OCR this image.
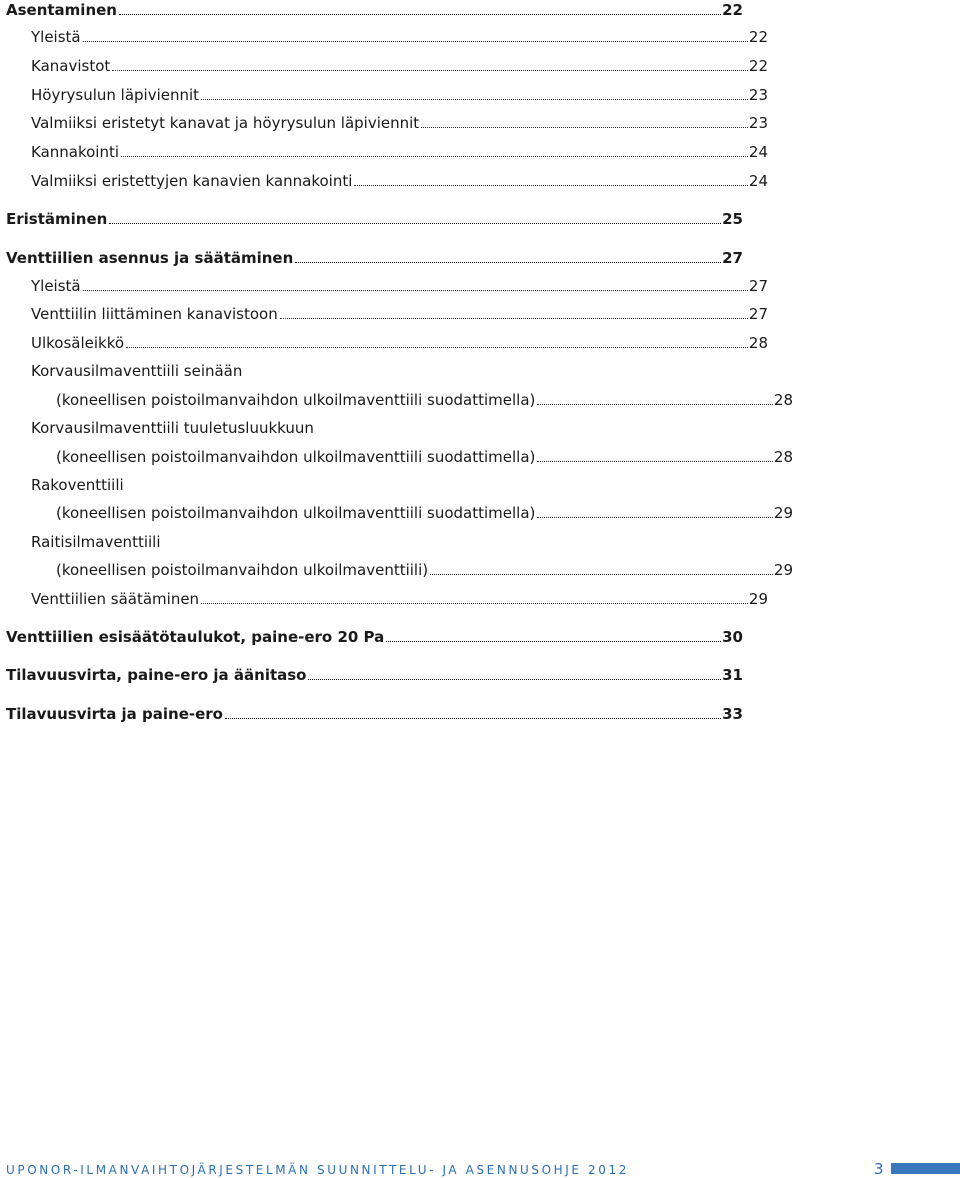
Asentaminen	22
Yleistä	22
Kanavistot	22
Höyrysulun läpiviennit	23
Valmiiksi eristetyt kanavat ja höyrysulun läpiviennit	23
Kannakointi	24
Valmiiksi eristettyjen kanavien kannakointi	24
Eristäminen	25
Venttiilien asennus ja säätäminen	27
Yleistä	27
Venttiilin liittäminen kanavistoon	27
Ulkosäleikkö	28
Korvausilmaventtiili seinään
(koneellisen poistoilmanvaihdon ulkoilmaventtiili suodattimella)	28
Korvausilmaventtiili tuuletusluukkuun
(koneellisen poistoilmanvaihdon ulkoilmaventtiili suodattimella)	28
Rakoventtiili
(koneellisen poistoilmanvaihdon ulkoilmaventtiili suodattimella)	29
Raitisilmaventtiili
(koneellisen poistoilmanvaihdon ulkoilmaventtiili)	29
Venttiilien säätäminen	29
Venttiilien esisäätötaulukot, paine-ero 20 Pa	30
Tilavuusvirta, paine-ero ja äänitaso	31
Tilavuusvirta ja paine-ero	33
UPONOR-ILMANVAIHTOJÄRJESTELMÄN SUUNNITTELU- JA ASENNUSOHJE 2012	3
